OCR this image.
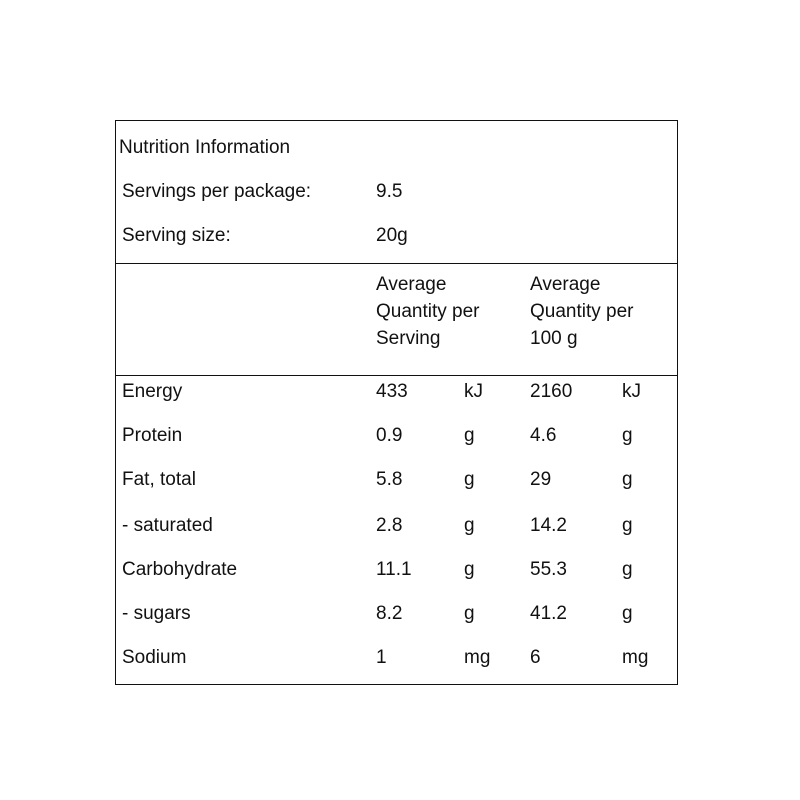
Nutrition Information
Servings per package:	9.5
Serving size:	20g
Average Quantity per Serving
Average Quantity per 100 g
Energy	433	kJ 2160	kJ
Protein	0.9	g	4.6	g
Fat, total	5.8	g	29	g
- saturated	2.8	g	14.2	g
Carbohydrate	11.1	g	55.3	g
- sugars	8.2	g	41.2	g
Sodium	1	mg 6	mg
